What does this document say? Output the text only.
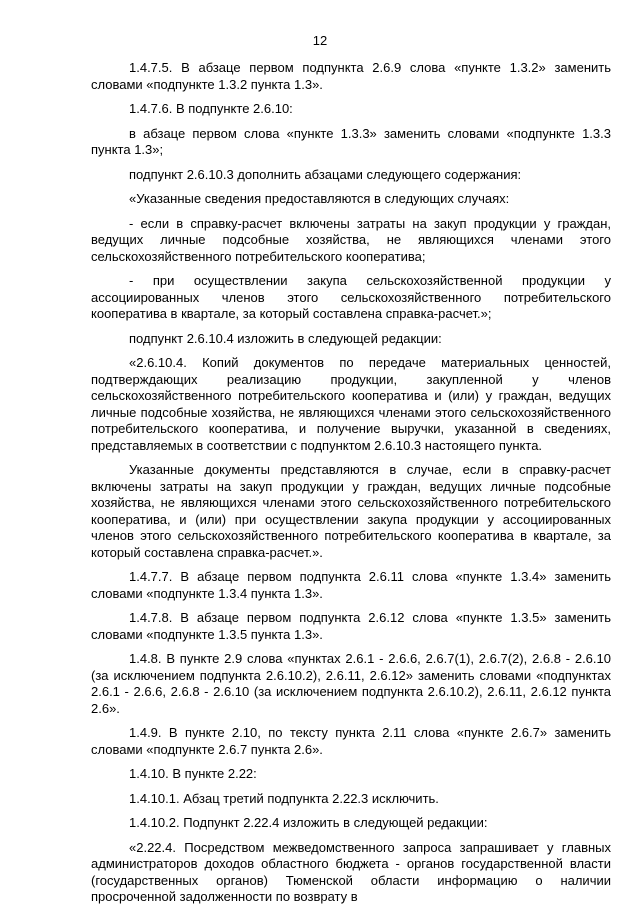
12

1.4.7.5. В абзаце первом подпункта 2.6.9 слова «пункте 1.3.2» заменить словами «подпункте 1.3.2 пункта 1.3».

1.4.7.6. В подпункте 2.6.10:

в абзаце первом слова «пункте 1.3.3» заменить словами «подпункте 1.3.3 пункта 1.3»;

подпункт 2.6.10.3 дополнить абзацами следующего содержания:

«Указанные сведения предоставляются в следующих случаях:

- если в справку-расчет включены затраты на закуп продукции у граждан, ведущих личные подсобные хозяйства, не являющихся членами этого сельскохозяйственного потребительского кооператива;

- при осуществлении закупа сельскохозяйственной продукции у ассоциированных членов этого сельскохозяйственного потребительского кооператива в квартале, за который составлена справка-расчет.»;

подпункт 2.6.10.4 изложить в следующей редакции:

«2.6.10.4. Копий документов по передаче материальных ценностей, подтверждающих реализацию продукции, закупленной у членов сельскохозяйственного потребительского кооператива и (или) у граждан, ведущих личные подсобные хозяйства, не являющихся членами этого сельскохозяйственного потребительского кооператива, и получение выручки, указанной в сведениях, представляемых в соответствии с подпунктом 2.6.10.3 настоящего пункта.

Указанные документы представляются в случае, если в справку-расчет включены затраты на закуп продукции у граждан, ведущих личные подсобные хозяйства, не являющихся членами этого сельскохозяйственного потребительского кооператива, и (или) при осуществлении закупа продукции у ассоциированных членов этого сельскохозяйственного потребительского кооператива в квартале, за который составлена справка-расчет.».

1.4.7.7. В абзаце первом подпункта 2.6.11 слова «пункте 1.3.4» заменить словами «подпункте 1.3.4 пункта 1.3».

1.4.7.8. В абзаце первом подпункта 2.6.12 слова «пункте 1.3.5» заменить словами «подпункте 1.3.5 пункта 1.3».

1.4.8. В пункте 2.9 слова «пунктах 2.6.1 - 2.6.6, 2.6.7(1), 2.6.7(2), 2.6.8 - 2.6.10 (за исключением подпункта 2.6.10.2), 2.6.11, 2.6.12» заменить словами «подпунктах 2.6.1 - 2.6.6, 2.6.8 - 2.6.10 (за исключением подпункта 2.6.10.2), 2.6.11, 2.6.12 пункта 2.6».

1.4.9. В пункте 2.10, по тексту пункта 2.11 слова «пункте 2.6.7» заменить словами «подпункте 2.6.7 пункта 2.6».

1.4.10. В пункте 2.22:

1.4.10.1. Абзац третий подпункта 2.22.3 исключить.

1.4.10.2. Подпункт 2.22.4 изложить в следующей редакции:

«2.22.4. Посредством межведомственного запроса запрашивает у главных администраторов доходов областного бюджета - органов государственной власти (государственных органов) Тюменской области информацию о наличии просроченной задолженности по возврату в
